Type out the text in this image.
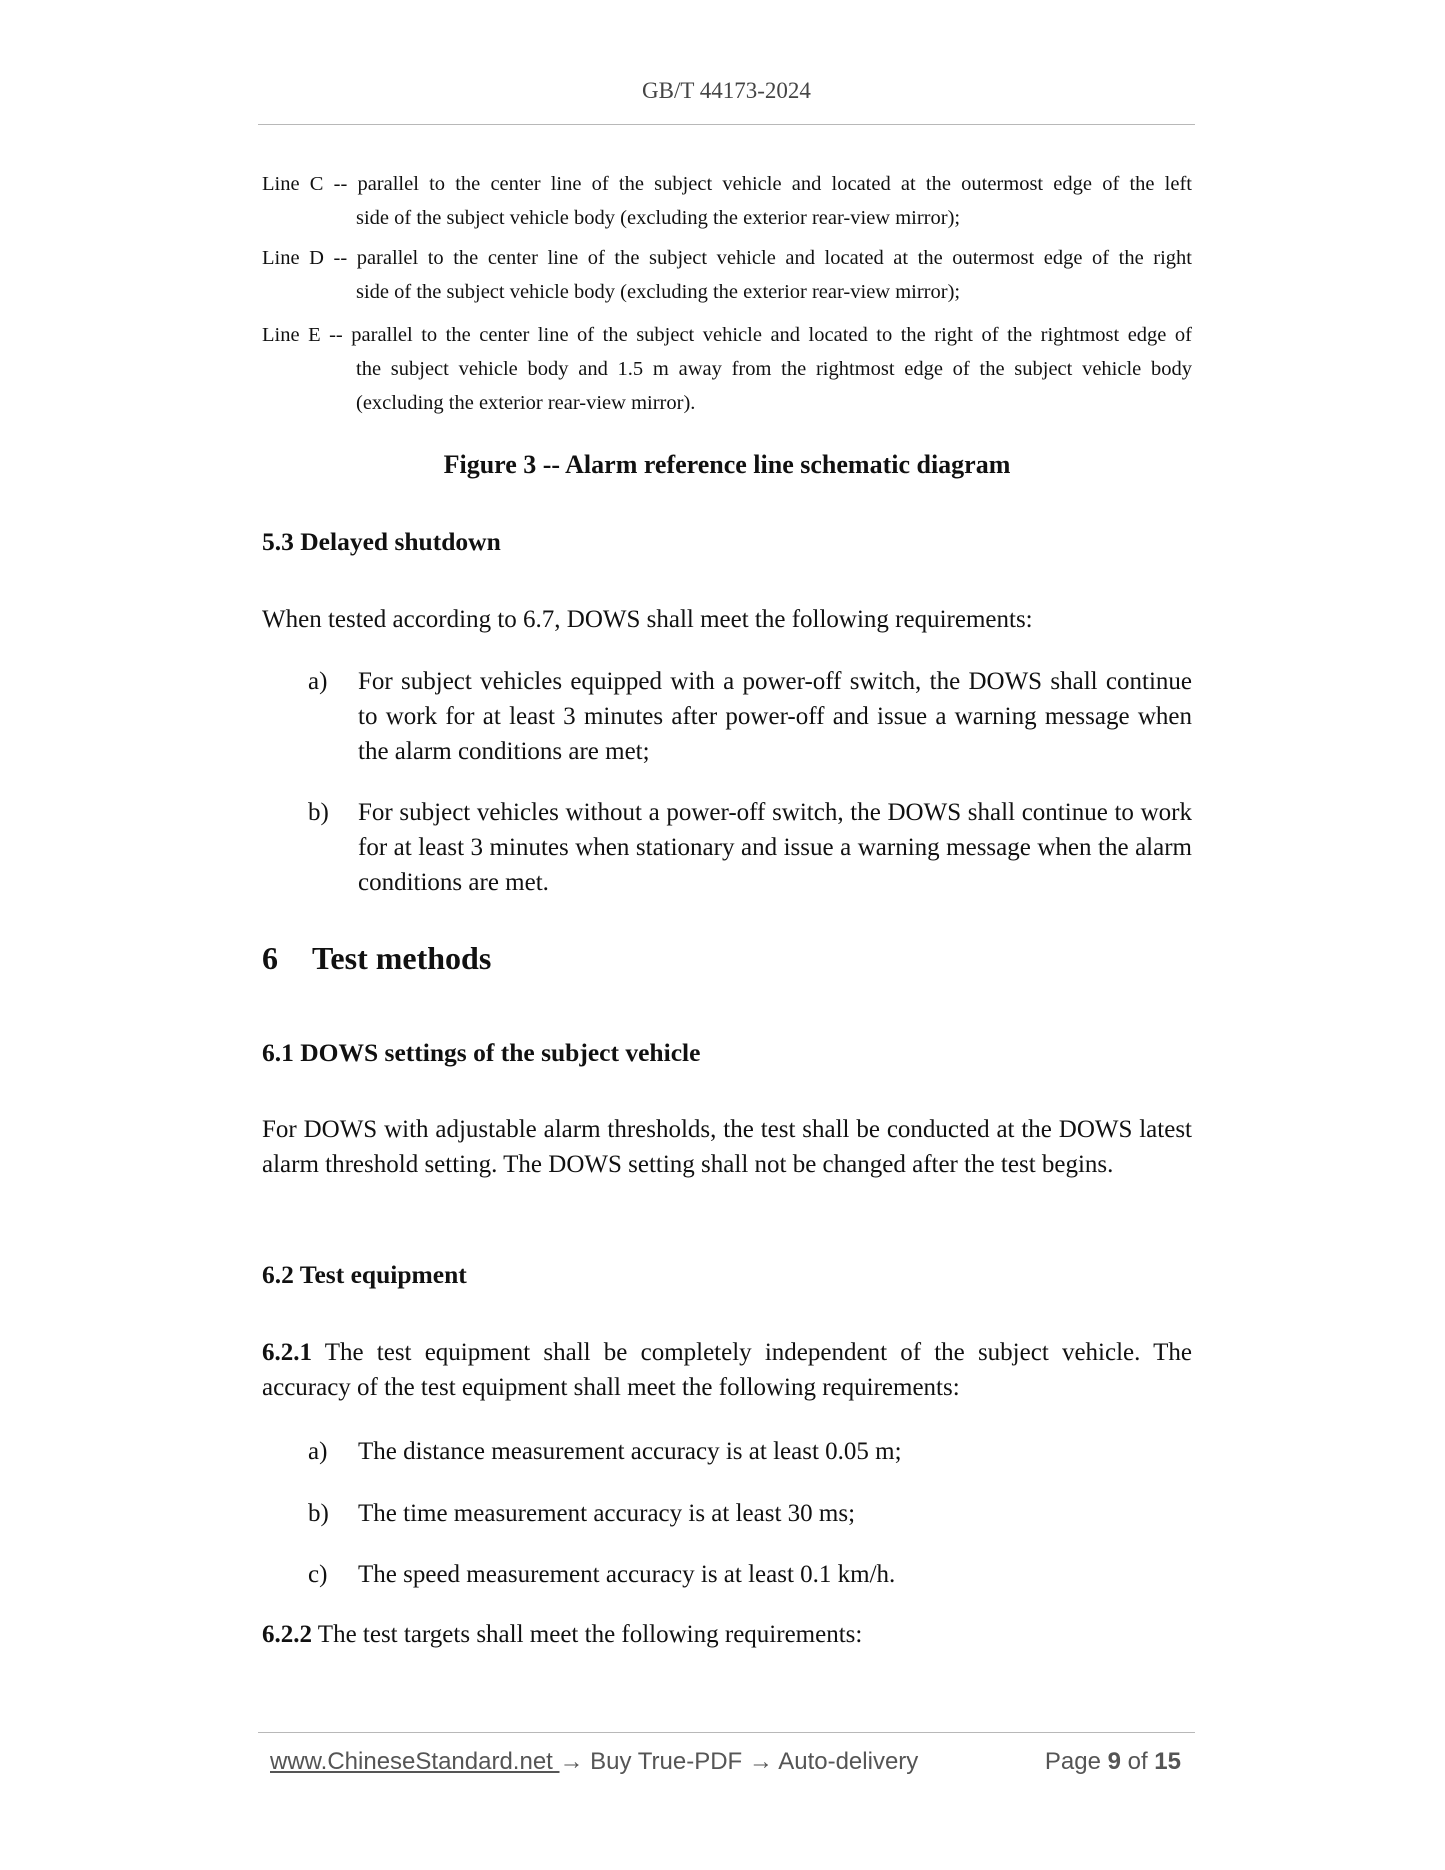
GB/T 44173-2024
Line C -- parallel to the center line of the subject vehicle and located at the outermost edge of the left
side of the subject vehicle body (excluding the exterior rear-view mirror);
Line D -- parallel to the center line of the subject vehicle and located at the outermost edge of the right
side of the subject vehicle body (excluding the exterior rear-view mirror);
Line E -- parallel to the center line of the subject vehicle and located to the right of the rightmost edge of
the subject vehicle body and 1.5 m away from the rightmost edge of the subject vehicle body (excluding the exterior rear-view mirror).
Figure 3 -- Alarm reference line schematic diagram
5.3 Delayed shutdown
When tested according to 6.7, DOWS shall meet the following requirements:
a) For subject vehicles equipped with a power-off switch, the DOWS shall continue to work for at least 3 minutes after power-off and issue a warning message when the alarm conditions are met;
b) For subject vehicles without a power-off switch, the DOWS shall continue to work for at least 3 minutes when stationary and issue a warning message when the alarm conditions are met.
6 Test methods
6.1 DOWS settings of the subject vehicle
For DOWS with adjustable alarm thresholds, the test shall be conducted at the DOWS latest alarm threshold setting. The DOWS setting shall not be changed after the test begins.
6.2 Test equipment
6.2.1 The test equipment shall be completely independent of the subject vehicle. The accuracy of the test equipment shall meet the following requirements:
a) The distance measurement accuracy is at least 0.05 m;
b) The time measurement accuracy is at least 30 ms;
c) The speed measurement accuracy is at least 0.1 km/h.
6.2.2 The test targets shall meet the following requirements:
www.ChineseStandard.net → Buy True-PDF → Auto-delivery	Page 9 of 15
